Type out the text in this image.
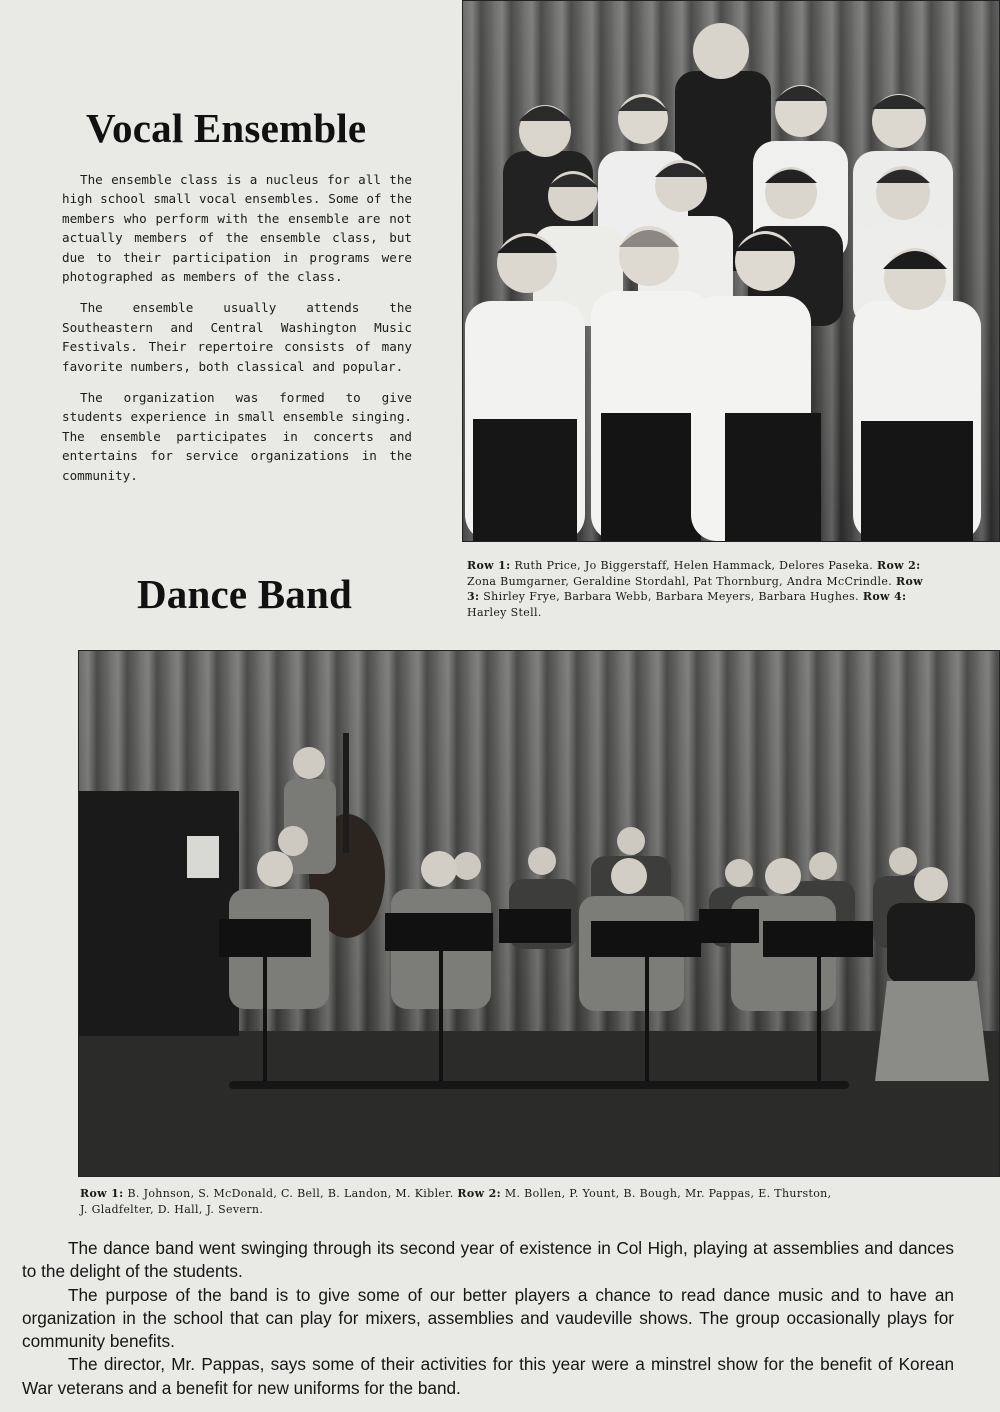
Vocal Ensemble

The ensemble class is a nucleus for all the high school small vocal ensembles. Some of the members who perform with the ensemble are not actually members of the ensemble class, but due to their participation in programs were photographed as members of the class.

The ensemble usually attends the Southeastern and Central Washington Music Festivals. Their repertoire consists of many favorite numbers, both classical and popular.

The organization was formed to give students experience in small ensemble singing. The ensemble participates in concerts and entertains for service organizations in the community.

Row 1: Ruth Price, Jo Biggerstaff, Helen Hammack, Delores Paseka. Row 2: Zona Bumgarner, Geraldine Stordahl, Pat Thornburg, Andra McCrindle. Row 3: Shirley Frye, Barbara Webb, Barbara Meyers, Barbara Hughes. Row 4: Harley Stell.

Dance Band

Row 1: B. Johnson, S. McDonald, C. Bell, B. Landon, M. Kibler. Row 2: M. Bollen, P. Yount, B. Bough, Mr. Pappas, E. Thurston, J. Gladfelter, D. Hall, J. Severn.

The dance band went swinging through its second year of existence in Col High, playing at assemblies and dances to the delight of the students.

The purpose of the band is to give some of our better players a chance to read dance music and to have an organization in the school that can play for mixers, assemblies and vaudeville shows. The group occasionally plays for community benefits.

The director, Mr. Pappas, says some of their activities for this year were a minstrel show for the benefit of Korean War veterans and a benefit for new uniforms for the band.
